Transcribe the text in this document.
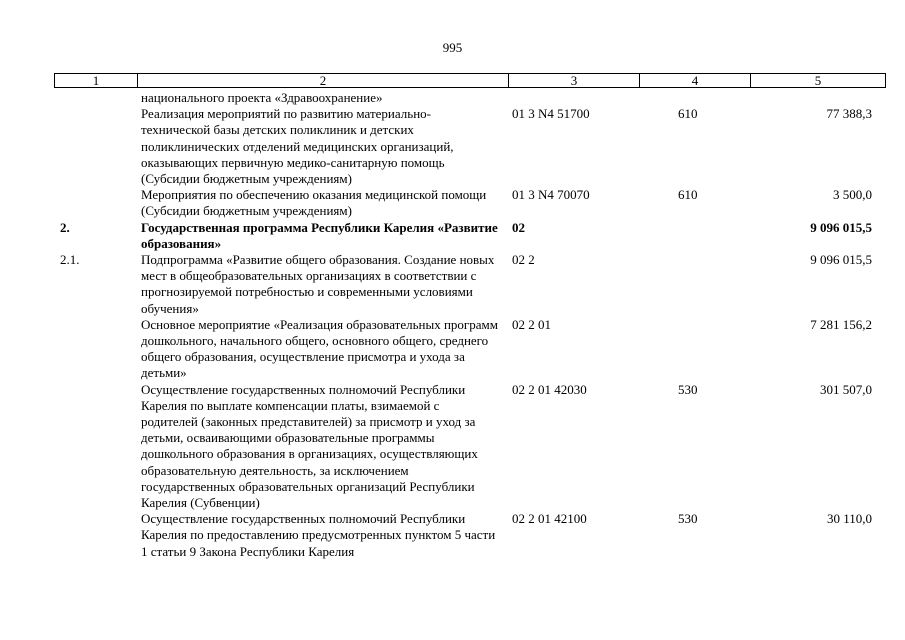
995
1	2	3	4	5
	национального проекта «Здравоохранение»			
	Реализация мероприятий по развитию материально-технической базы детских поликлиник и детских поликлинических отделений медицинских организаций, оказывающих первичную медико-санитарную помощь (Субсидии бюджетным учреждениям)	01 3 N4 51700	610	77 388,3
	Мероприятия по обеспечению оказания медицинской помощи (Субсидии бюджетным учреждениям)	01 3 N4 70070	610	3 500,0
2.	Государственная программа Республики Карелия «Развитие образования»	02		9 096 015,5
2.1.	Подпрограмма «Развитие общего образования. Создание новых мест в общеобразовательных организациях в соответствии с прогнозируемой потребностью и современными условиями обучения»	02 2		9 096 015,5
	Основное мероприятие «Реализация образовательных программ дошкольного, начального общего, основного общего, среднего общего образования, осуществление присмотра и ухода за детьми»	02 2 01		7 281 156,2
	Осуществление государственных полномочий Республики Карелия по выплате компенсации платы, взимаемой с родителей (законных представителей) за присмотр и уход за детьми, осваивающими образовательные программы дошкольного образования в организациях, осуществляющих образовательную деятельность, за исключением государственных образовательных организаций Республики Карелия (Субвенции)	02 2 01 42030	530	301 507,0
	Осуществление государственных полномочий Республики Карелия по предоставлению предусмотренных пунктом 5 части 1 статьи 9 Закона Республики Карелия	02 2 01 42100	530	30 110,0
